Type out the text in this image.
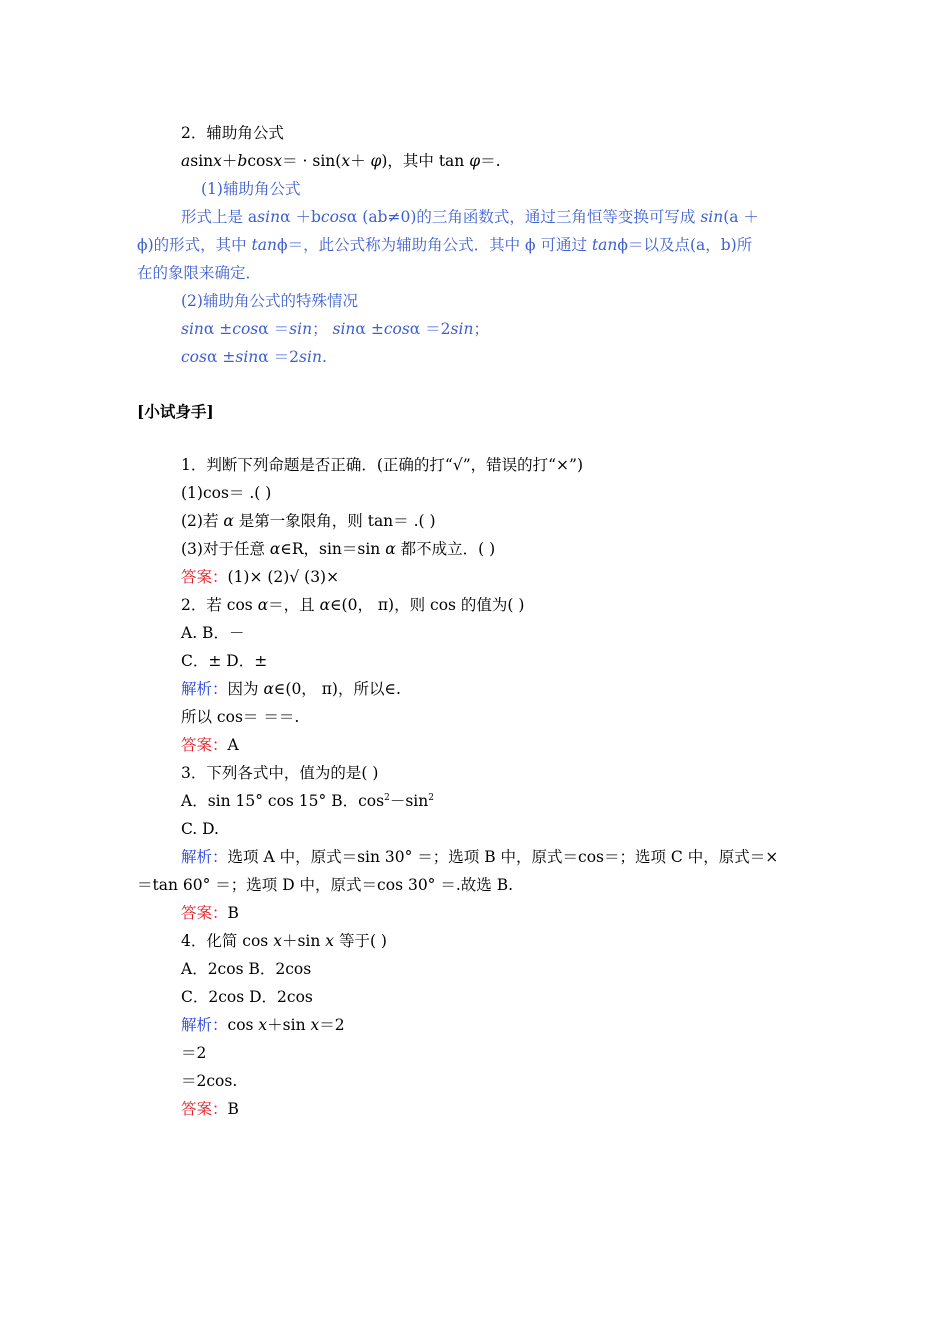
2．辅助角公式
asinx＋bcosx＝ · sin(x＋ φ)，其中 tan φ＝.
(1)辅助角公式
形式上是 asinα ＋bcosα (ab≠0)的三角函数式，通过三角恒等变换可写成 sin(a ＋
ϕ)的形式，其中 tanϕ＝，此公式称为辅助角公式．其中 ϕ 可通过 tanϕ＝以及点(a，b)所
在的象限来确定．
(2)辅助角公式的特殊情况
sinα ±cosα ＝sin； sinα ±cosα ＝2sin；
cosα ±sinα ＝2sin.
[小试身手]
1．判断下列命题是否正确．(正确的打“√”，错误的打“×”)
(1)cos＝ .( )
(2)若 α 是第一象限角，则 tan＝ .( )
(3)对于任意 α∈R，sin＝sin α 都不成立．( )
答案：(1)× (2)√ (3)×
2．若 cos α＝，且 α∈(0， π)，则 cos 的值为( )
A. B．－
C．± D．±
解析：因为 α∈(0， π)，所以∈.
所以 cos＝ ＝＝.
答案：A
3．下列各式中，值为的是( )
A．sin 15° cos 15° B．$\cos^2-\sin^2$
C. D.
解析：选项 A 中，原式＝sin 30° ＝；选项 B 中，原式＝cos＝；选项 C 中，原式＝×
＝tan 60° ＝；选项 D 中，原式＝cos 30° ＝.故选 B.
答案：B
4．化简 cos x＋sin x 等于( )
A．2cos B．2cos
C．2cos D．2cos
解析：cos x＋sin x＝2
＝2
＝2cos.
答案：B
